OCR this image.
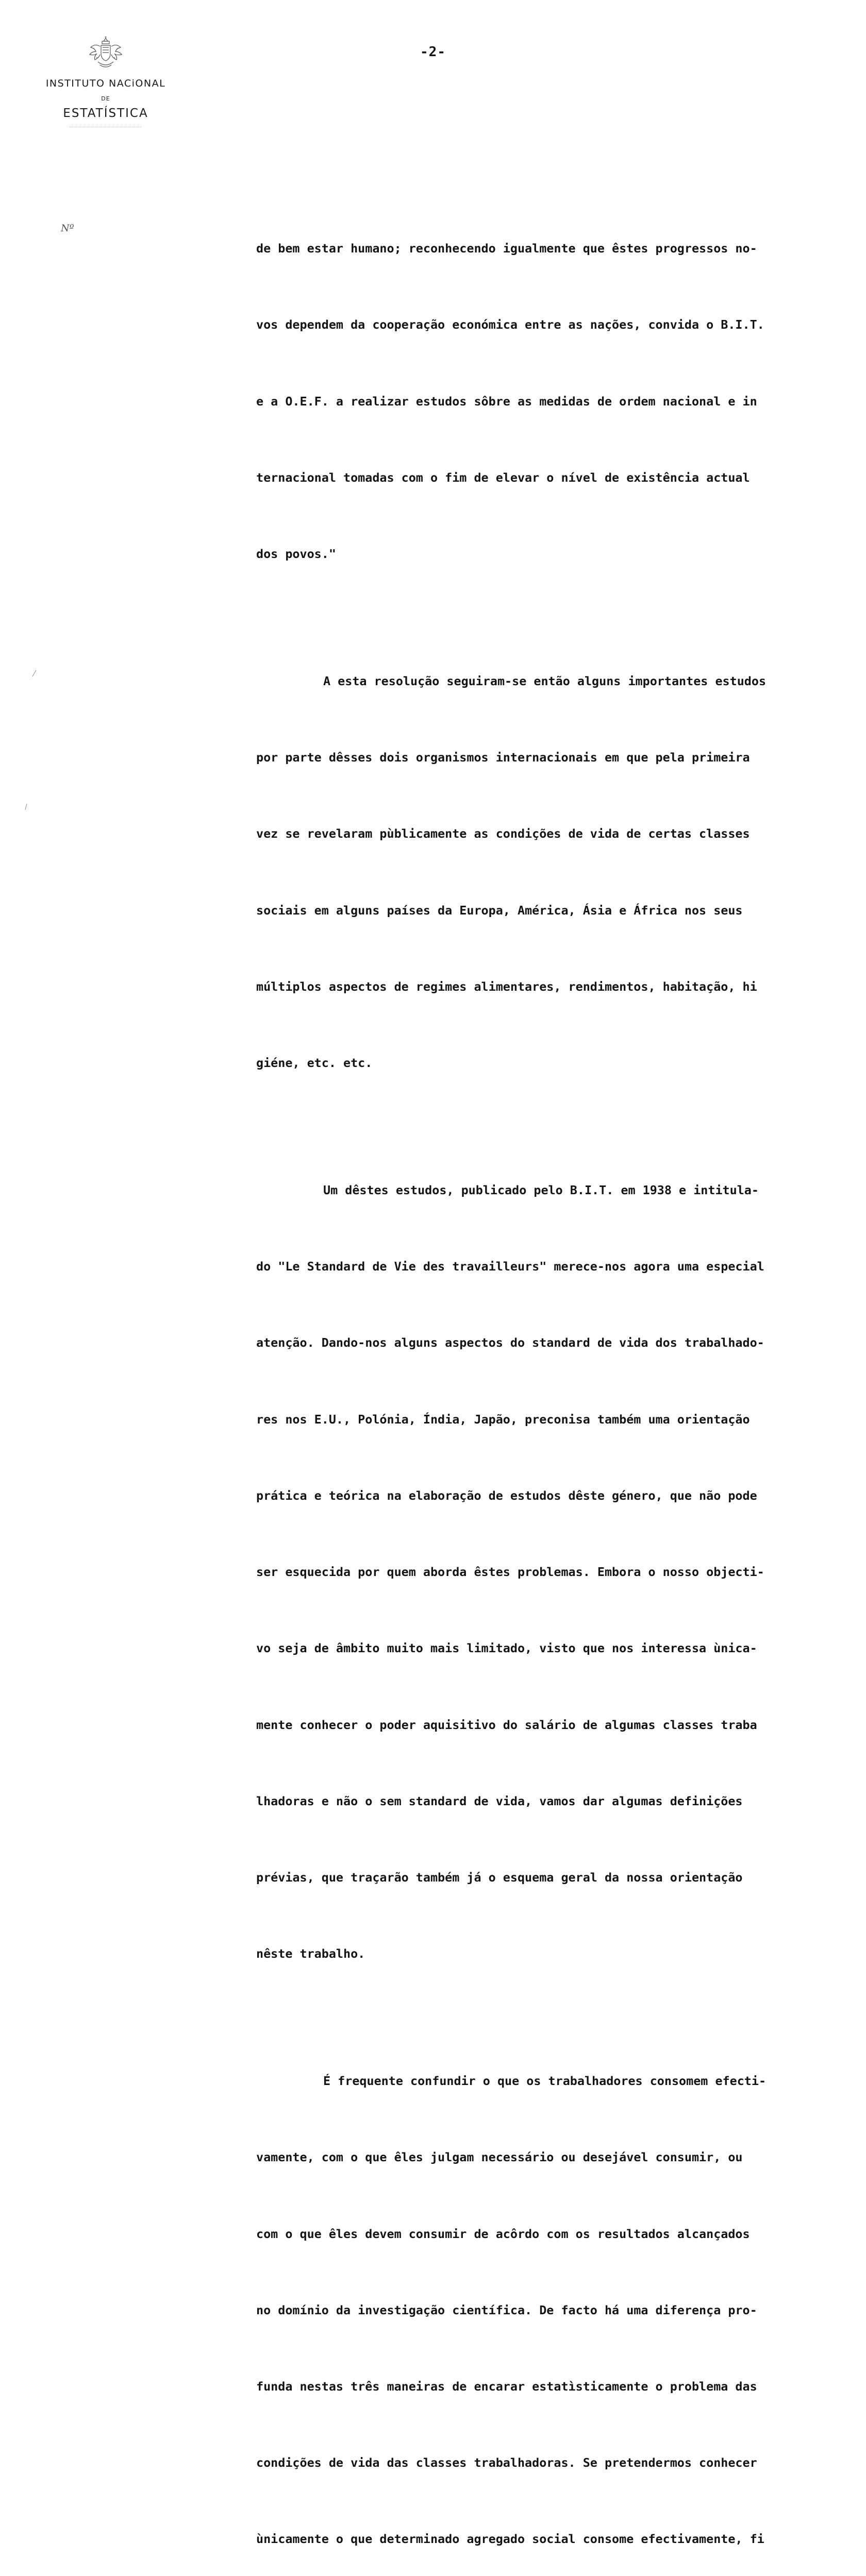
INSTITUTO NACiONAL
DE
ESTATÍSTICA
Nº
-2-

de bem estar humano; reconhecendo igualmente que êstes progressos no-

vos dependem da cooperação económica entre as nações, convida o B.I.T.

e a O.E.F. a realizar estudos sôbre as medidas de ordem nacional e in

ternacional tomadas com o fim de elevar o nível de existência actual

dos povos."

A esta resolução seguiram-se então alguns importantes estudos

por parte dêsses dois organismos internacionais em que pela primeira

vez se revelaram pùblicamente as condições de vida de certas classes

sociais em alguns países da Europa, América, Ásia e África nos seus

múltiplos aspectos de regimes alimentares, rendimentos, habitação, hi

giéne, etc. etc.

Um dêstes estudos, publicado pelo B.I.T. em 1938 e intitula-

do "Le Standard de Vie des travailleurs" merece-nos agora uma especial

atenção. Dando-nos alguns aspectos do standard de vida dos trabalhado-

res nos E.U., Polónia, Índia, Japão, preconisa também uma orientação

prática e teórica na elaboração de estudos dêste género, que não pode

ser esquecida por quem aborda êstes problemas. Embora o nosso objecti-

vo seja de âmbito muito mais limitado, visto que nos interessa ùnica-

mente conhecer o poder aquisitivo do salário de algumas classes traba

lhadoras e não o sem standard de vida, vamos dar algumas definições

prévias, que traçarão também já o esquema geral da nossa orientação

nêste trabalho.

É frequente confundir o que os trabalhadores consomem efecti-

vamente, com o que êles julgam necessário ou desejável consumir, ou

com o que êles devem consumir de acôrdo com os resultados alcançados

no domínio da investigação científica. De facto há uma diferença pro-

funda nestas três maneiras de encarar estatìsticamente o problema das

condições de vida das classes trabalhadoras. Se pretendermos conhecer

ùnicamente o que determinado agregado social consome efectivamente, fi
